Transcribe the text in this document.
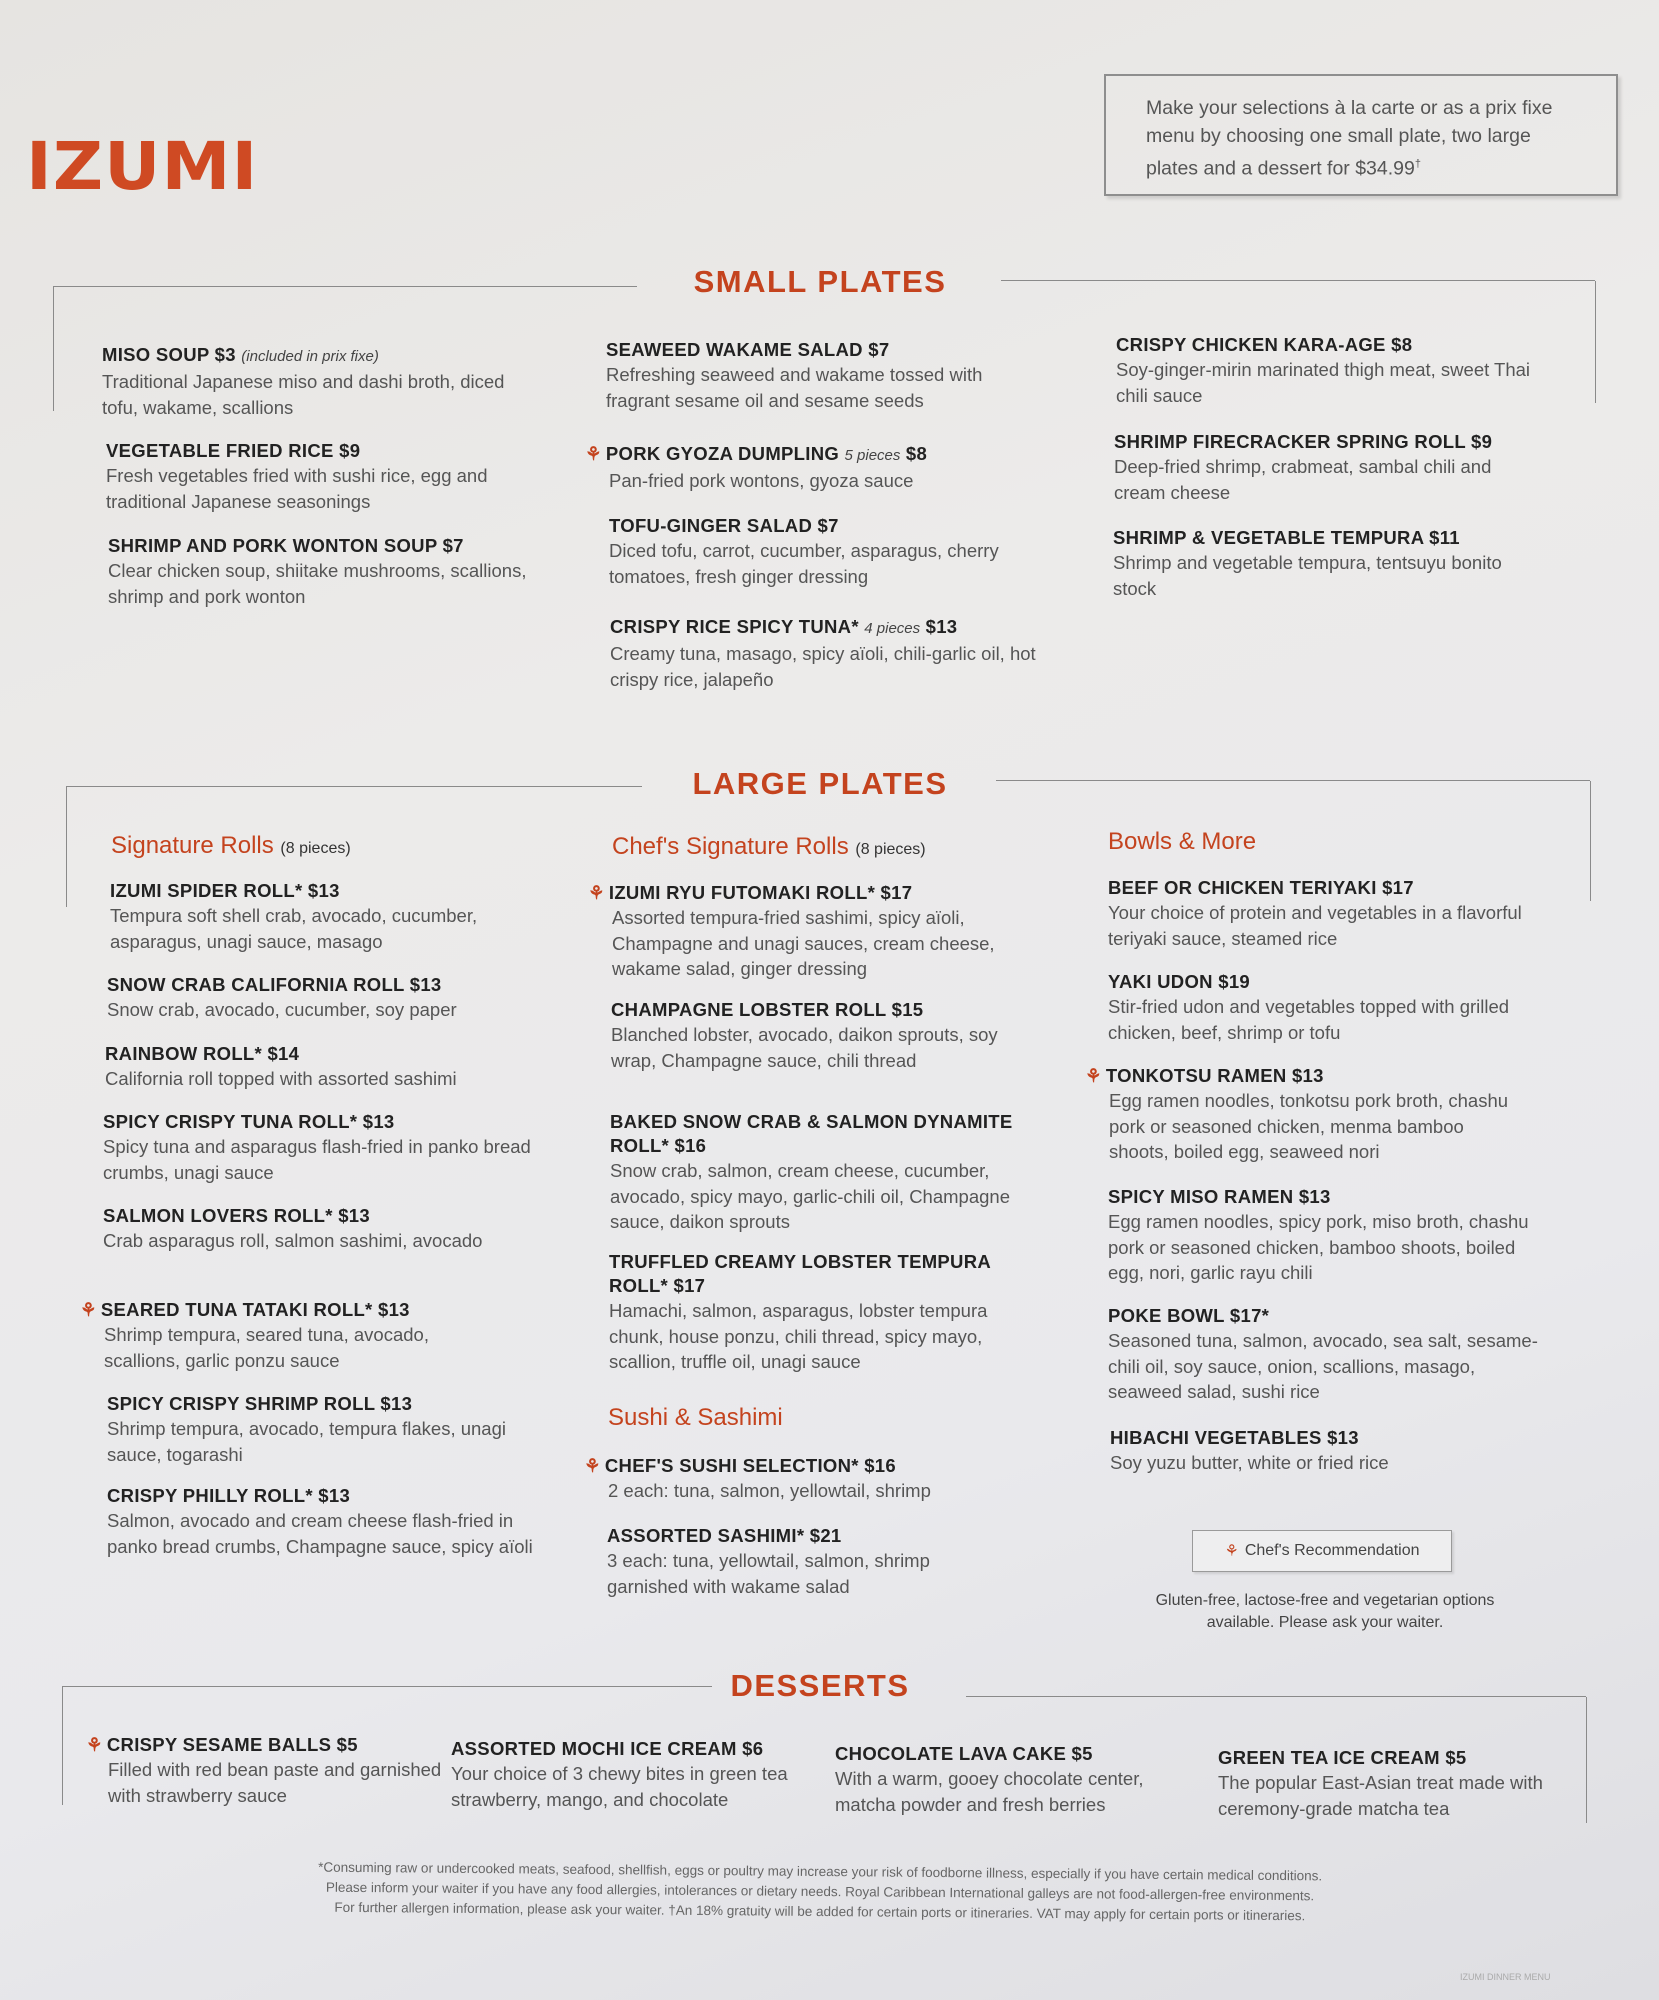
IZUMI
Make your selections à la carte or as a prix fixe menu by choosing one small plate, two large plates and a dessert for $34.99†
SMALL PLATES
MISO SOUP $3 (included in prix fixe)
Traditional Japanese miso and dashi broth, diced tofu, wakame, scallions
VEGETABLE FRIED RICE $9
Fresh vegetables fried with sushi rice, egg and traditional Japanese seasonings
SHRIMP AND PORK WONTON SOUP $7
Clear chicken soup, shiitake mushrooms, scallions, shrimp and pork wonton
SEAWEED WAKAME SALAD $7
Refreshing seaweed and wakame tossed with fragrant sesame oil and sesame seeds
⚘ PORK GYOZA DUMPLING 5 pieces $8
Pan-fried pork wontons, gyoza sauce
TOFU-GINGER SALAD $7
Diced tofu, carrot, cucumber, asparagus, cherry tomatoes, fresh ginger dressing
CRISPY RICE SPICY TUNA* 4 pieces $13
Creamy tuna, masago, spicy aïoli, chili-garlic oil, hot crispy rice, jalapeño
CRISPY CHICKEN KARA-AGE $8
Soy-ginger-mirin marinated thigh meat, sweet Thai chili sauce
SHRIMP FIRECRACKER SPRING ROLL $9
Deep-fried shrimp, crabmeat, sambal chili and cream cheese
SHRIMP & VEGETABLE TEMPURA $11
Shrimp and vegetable tempura, tentsuyu bonito stock
LARGE PLATES
Signature Rolls (8 pieces)	Chef's Signature Rolls (8 pieces)	Bowls & More
Sushi & Sashimi
IZUMI SPIDER ROLL* $13
Tempura soft shell crab, avocado, cucumber, asparagus, unagi sauce, masago
SNOW CRAB CALIFORNIA ROLL $13
Snow crab, avocado, cucumber, soy paper
RAINBOW ROLL* $14
California roll topped with assorted sashimi
SPICY CRISPY TUNA ROLL* $13
Spicy tuna and asparagus flash-fried in panko bread crumbs, unagi sauce
SALMON LOVERS ROLL* $13
Crab asparagus roll, salmon sashimi, avocado
⚘ SEARED TUNA TATAKI ROLL* $13
Shrimp tempura, seared tuna, avocado, scallions, garlic ponzu sauce
SPICY CRISPY SHRIMP ROLL $13
Shrimp tempura, avocado, tempura flakes, unagi sauce, togarashi
CRISPY PHILLY ROLL* $13
Salmon, avocado and cream cheese flash-fried in panko bread crumbs, Champagne sauce, spicy aïoli
⚘ IZUMI RYU FUTOMAKI ROLL* $17
Assorted tempura-fried sashimi, spicy aïoli, Champagne and unagi sauces, cream cheese, wakame salad, ginger dressing
CHAMPAGNE LOBSTER ROLL $15
Blanched lobster, avocado, daikon sprouts, soy wrap, Champagne sauce, chili thread
BAKED SNOW CRAB & SALMON DYNAMITE ROLL* $16
Snow crab, salmon, cream cheese, cucumber, avocado, spicy mayo, garlic-chili oil, Champagne sauce, daikon sprouts
TRUFFLED CREAMY LOBSTER TEMPURA ROLL* $17
Hamachi, salmon, asparagus, lobster tempura chunk, house ponzu, chili thread, spicy mayo, scallion, truffle oil, unagi sauce
⚘ CHEF'S SUSHI SELECTION* $16
2 each: tuna, salmon, yellowtail, shrimp
ASSORTED SASHIMI* $21
3 each: tuna, yellowtail, salmon, shrimp garnished with wakame salad
BEEF OR CHICKEN TERIYAKI $17
Your choice of protein and vegetables in a flavorful teriyaki sauce, steamed rice
YAKI UDON $19
Stir-fried udon and vegetables topped with grilled chicken, beef, shrimp or tofu
⚘ TONKOTSU RAMEN $13
Egg ramen noodles, tonkotsu pork broth, chashu pork or seasoned chicken, menma bamboo shoots, boiled egg, seaweed nori
SPICY MISO RAMEN $13
Egg ramen noodles, spicy pork, miso broth, chashu pork or seasoned chicken, bamboo shoots, boiled egg, nori, garlic rayu chili
POKE BOWL $17*
Seasoned tuna, salmon, avocado, sea salt, sesame-chili oil, soy sauce, onion, scallions, masago, seaweed salad, sushi rice
HIBACHI VEGETABLES $13
Soy yuzu butter, white or fried rice
⚘ Chef's Recommendation
Gluten-free, lactose-free and vegetarian options available. Please ask your waiter.
DESSERTS
⚘ CRISPY SESAME BALLS $5
Filled with red bean paste and garnished with strawberry sauce
ASSORTED MOCHI ICE CREAM $6
Your choice of 3 chewy bites in green tea strawberry, mango, and chocolate
CHOCOLATE LAVA CAKE $5
With a warm, gooey chocolate center, matcha powder and fresh berries
GREEN TEA ICE CREAM $5
The popular East-Asian treat made with ceremony-grade matcha tea
*Consuming raw or undercooked meats, seafood, shellfish, eggs or poultry may increase your risk of foodborne illness, especially if you have certain medical conditions.
Please inform your waiter if you have any food allergies, intolerances or dietary needs. Royal Caribbean International galleys are not food-allergen-free environments.
For further allergen information, please ask your waiter. †An 18% gratuity will be added for certain ports or itineraries. VAT may apply for certain ports or itineraries.
IZUMI DINNER MENU
